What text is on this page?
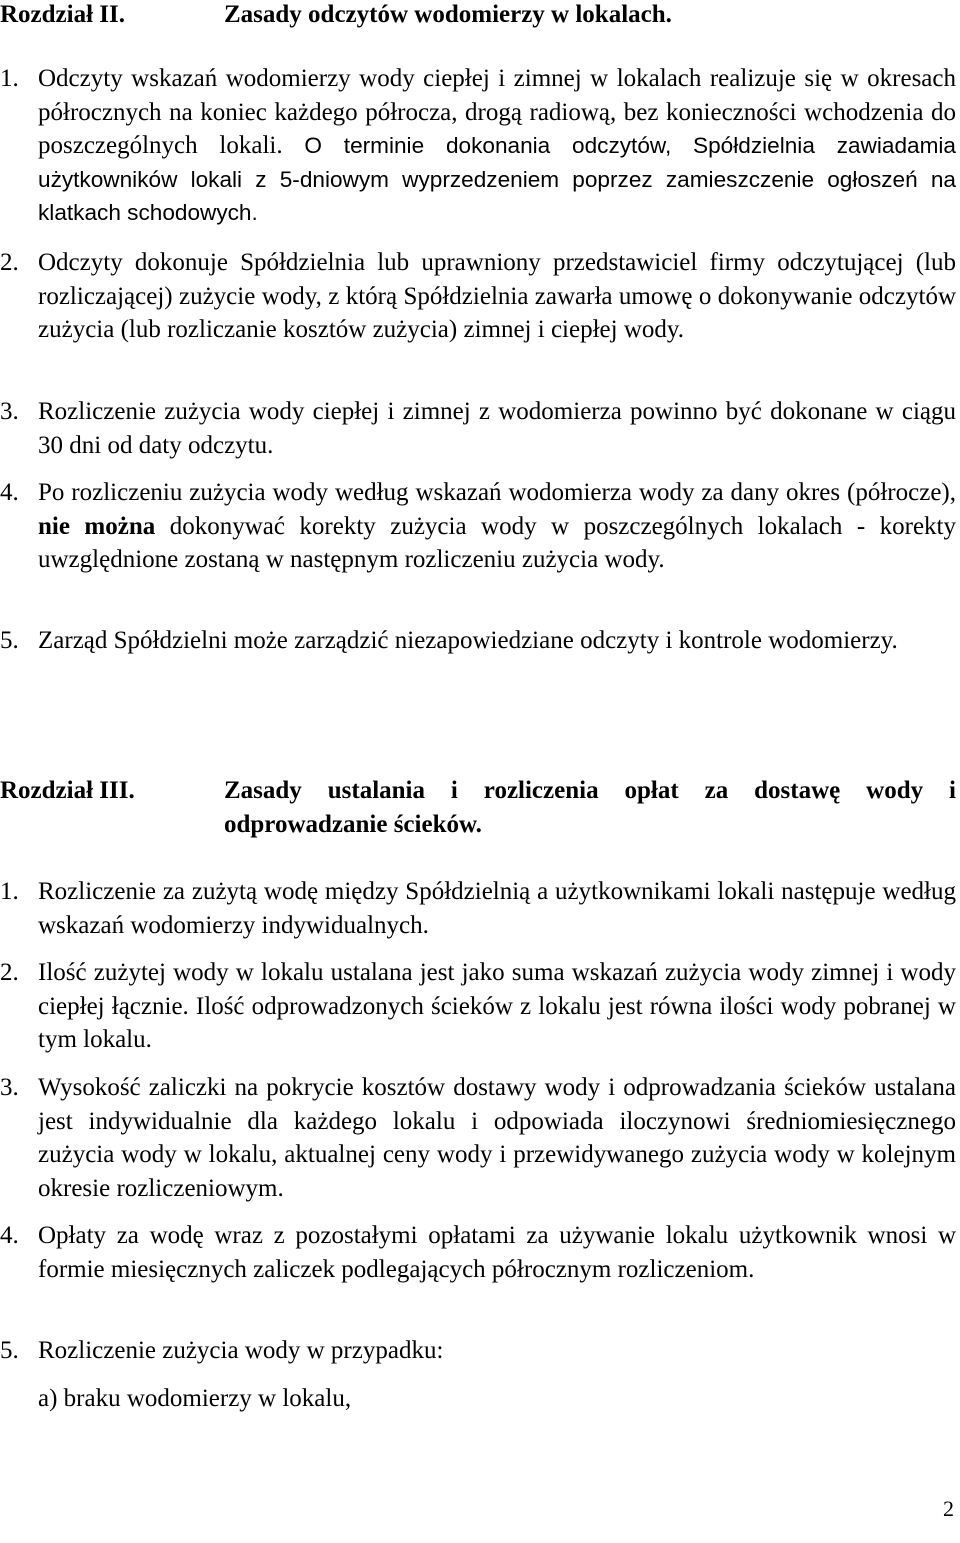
Rozdział II.	Zasady odczytów wodomierzy w lokalach.
1. Odczyty wskazań wodomierzy wody ciepłej i zimnej w lokalach realizuje się w okresach półrocznych na koniec każdego półrocza, drogą radiową, bez konieczności wchodzenia do poszczególnych lokali. O terminie dokonania odczytów, Spółdzielnia zawiadamia użytkowników lokali z 5-dniowym wyprzedzeniem poprzez zamieszczenie ogłoszeń na klatkach schodowych.
2. Odczyty dokonuje Spółdzielnia lub uprawniony przedstawiciel firmy odczytującej (lub rozliczającej) zużycie wody, z którą Spółdzielnia zawarła umowę o dokonywanie odczytów zużycia (lub rozliczanie kosztów zużycia) zimnej i ciepłej wody.
3. Rozliczenie zużycia wody ciepłej i zimnej z wodomierza powinno być dokonane w ciągu 30 dni od daty odczytu.
4. Po rozliczeniu zużycia wody według wskazań wodomierza wody za dany okres (półrocze), nie można dokonywać korekty zużycia wody w poszczególnych lokalach - korekty uwzględnione zostaną w następnym rozliczeniu zużycia wody.
5. Zarząd Spółdzielni może zarządzić niezapowiedziane odczyty i kontrole wodomierzy.
Rozdział III.	Zasady ustalania i rozliczenia opłat za dostawę wody i odprowadzanie ścieków.
1. Rozliczenie za zużytą wodę między Spółdzielnią a użytkownikami lokali następuje według wskazań wodomierzy indywidualnych.
2. Ilość zużytej wody w lokalu ustalana jest jako suma wskazań zużycia wody zimnej i wody ciepłej łącznie. Ilość odprowadzonych ścieków z lokalu jest równa ilości wody pobranej w tym lokalu.
3. Wysokość zaliczki na pokrycie kosztów dostawy wody i odprowadzania ścieków ustalana jest indywidualnie dla każdego lokalu i odpowiada iloczynowi średniomiesięcznego zużycia wody w lokalu, aktualnej ceny wody i przewidywanego zużycia wody w kolejnym okresie rozliczeniowym.
4. Opłaty za wodę wraz z pozostałymi opłatami za używanie lokalu użytkownik wnosi w formie miesięcznych zaliczek podlegających półrocznym rozliczeniom.
5. Rozliczenie zużycia wody w przypadku:
a) braku wodomierzy w lokalu,
2
